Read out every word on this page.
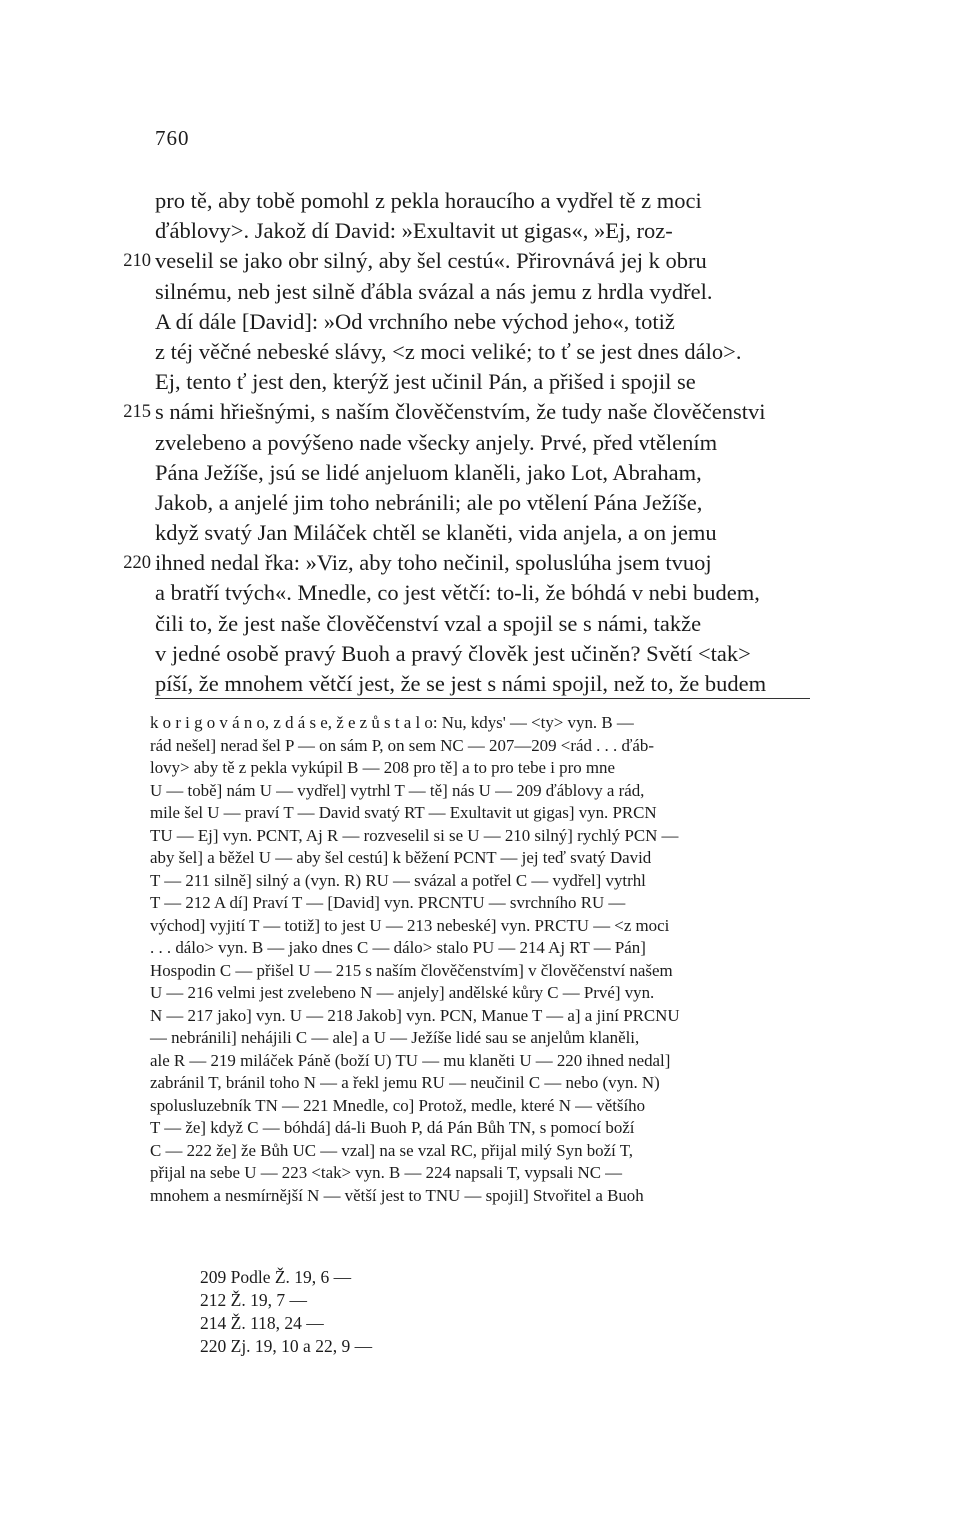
760
pro tě, aby tobě pomohl z pekla horaucího a vydřel tě z moci
ďáblovy>. Jakož dí David: »Exultavit ut gigas«, »Ej, roz-
210 veselil se jako obr silný, aby šel cestú«. Přirovnává jej k obru
silnému, neb jest silně ďábla svázal a nás jemu z hrdla vydřel.
A dí dále [David]: »Od vrchního nebe východ jeho«, totiž
z téj věčné nebeské slávy, <z moci veliké; to ť se jest dnes dálo>.
Ej, tento ť jest den, kterýž jest učinil Pán, a přišed i spojil se
215 s námi hřiešnými, s naším člověčenstvím, že tudy naše člověčenstvi
zvelebeno a povýšeno nade všecky anjely. Prvé, před vtělením
Pána Ježíše, jsú se lidé anjeluom klaněli, jako Lot, Abraham,
Jakob, a anjelé jim toho nebránili; ale po vtělení Pána Ježíše,
když svatý Jan Miláček chtěl se klaněti, vida anjela, a on jemu
220 ihned nedal řka: »Viz, aby toho nečinil, spoluslúha jsem tvuoj
a bratří tvých«. Mnedle, co jest větčí: to-li, že bóhdá v nebi budem,
čili to, že jest naše člověčenství vzal a spojil se s námi, takže
v jedné osobě pravý Buoh a pravý člověk jest učiněn? Světí <tak>
píší, že mnohem větčí jest, že se jest s námi spojil, než to, že budem
k o r i g o v á n o, z d á s e, ž e z ů s t a l o: Nu, kdys' — <ty> vyn. B —
rád nešel] nerad šel P — on sám P, on sem NC — 207—209 <rád . . . ďáb-
lovy> aby tě z pekla vykúpil B — 208 pro tě] a to pro tebe i pro mne
U — tobě] nám U — vydřel] vytrhl T — tě] nás U — 209 ďáblovy a rád,
mile šel U — praví T — David svatý RT — Exultavit ut gigas] vyn. PRCN
TU — Ej] vyn. PCNT, Aj R — rozveselil si se U — 210 silný] rychlý PCN —
aby šel] a běžel U — aby šel cestú] k běžení PCNT — jej teď svatý David
T — 211 silně] silný a (vyn. R) RU — svázal a potřel C — vydřel] vytrhl
T — 212 A dí] Praví T — [David] vyn. PRCNTU — svrchního RU —
východ] vyjití T — totiž] to jest U — 213 nebeské] vyn. PRCTU — <z moci
. . . dálo> vyn. B — jako dnes C — dálo> stalo PU — 214 Aj RT — Pán]
Hospodin C — přišel U — 215 s naším člověčenstvím] v člověčenství našem
U — 216 velmi jest zvelebeno N — anjely] andělské kůry C — Prvé] vyn.
N — 217 jako] vyn. U — 218 Jakob] vyn. PCN, Manue T — a] a jiní PRCNU
— nebránili] nehájili C — ale] a U — Ježíše lidé sau se anjelům klaněli,
ale R — 219 miláček Páně (boží U) TU — mu klaněti U — 220 ihned nedal]
zabránil T, bránil toho N — a řekl jemu RU — neučinil C — nebo (vyn. N)
spolusluzebník TN — 221 Mnedle, co] Protož, medle, které N — většího
T — že] když C — bóhdá] dá-li Buoh P, dá Pán Bůh TN, s pomocí boží
C — 222 že] že Bůh UC — vzal] na se vzal RC, přijal milý Syn boží T,
přijal na sebe U — 223 <tak> vyn. B — 224 napsali T, vypsali NC —
mnohem a nesmírnější N — větší jest to TNU — spojil] Stvořitel a Buoh
209 Podle Ž. 19, 6 —
212 Ž. 19, 7 —
214 Ž. 118, 24 —
220 Zj. 19, 10 a 22, 9 —
